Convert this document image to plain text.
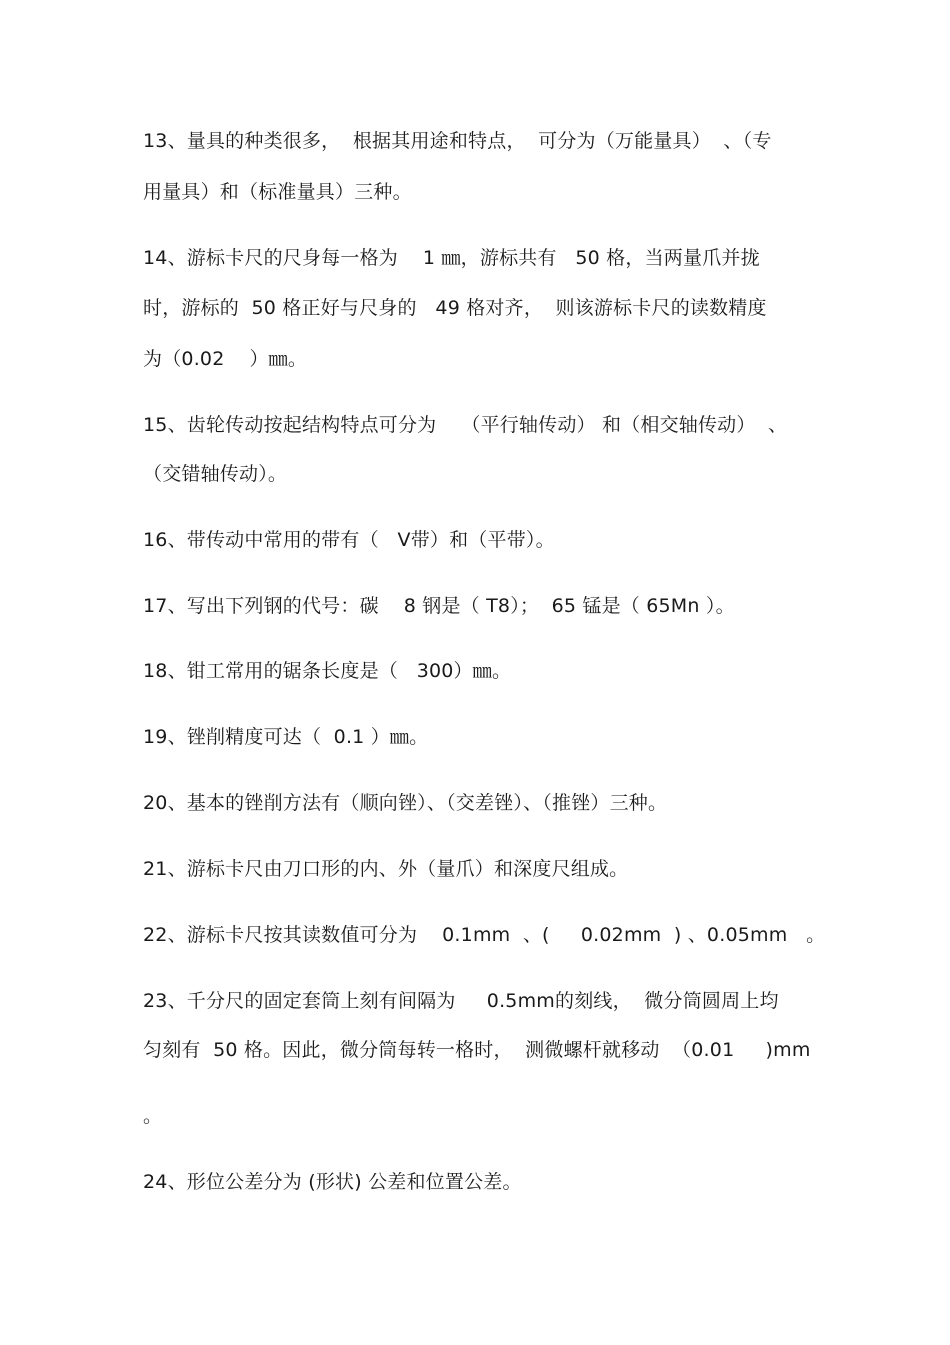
13、量具的种类很多，  根据其用途和特点，  可分为（万能量具）  、（专
用量具）和（标准量具）三种。
14、游标卡尺的尺身每一格为    1 ㎜，游标共有   50 格，当两量爪并拢
时，游标的  50 格正好与尺身的   49 格对齐，  则该游标卡尺的读数精度
为（0.02    ）㎜。
15、齿轮传动按起结构特点可分为    （平行轴传动） 和（相交轴传动）  、
（交错轴传动）。
16、带传动中常用的带有（   V带）和（平带）。
17、写出下列钢的代号：碳    8 钢是（ T8）；  65 锰是（ 65Mn ）。
18、钳工常用的锯条长度是（   300）㎜。
19、锉削精度可达（  0.1 ）㎜。
20、基本的锉削方法有（顺向锉）、（交差锉）、（推锉）三种。
21、游标卡尺由刀口形的内、外（量爪）和深度尺组成。
22、游标卡尺按其读数值可分为    0.1mm  、(     0.02mm  ) 、0.05mm   。
23、千分尺的固定套筒上刻有间隔为     0.5mm的刻线，  微分筒圆周上均
匀刻有  50 格。因此，微分筒每转一格时，  测微螺杆就移动  （0.01     )mm
。
24、形位公差分为 (形状) 公差和位置公差。
